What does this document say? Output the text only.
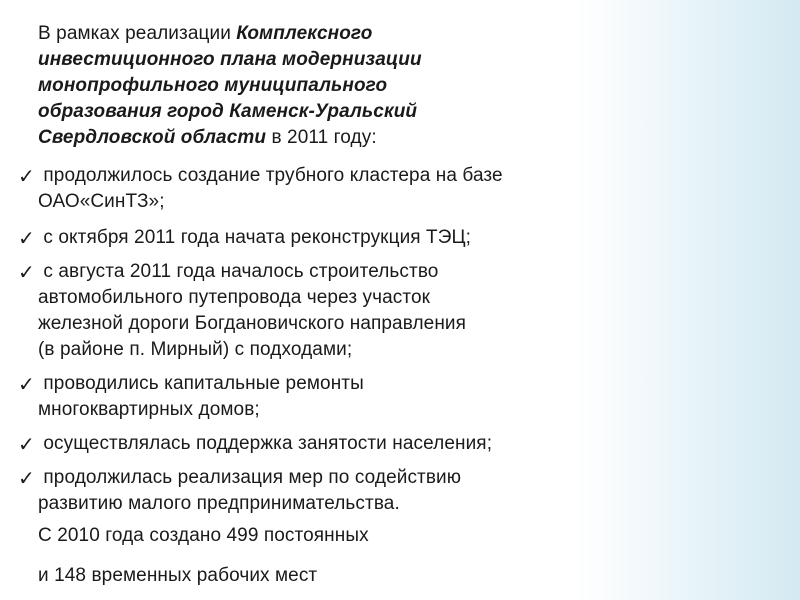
В рамках реализации Комплексного
инвестиционного плана модернизации
монопрофильного муниципального
образования город Каменск-Уральский
Свердловской области в 2011 году:
✓ продолжилось создание трубного кластера на базе
ОАО«СинТЗ»;
✓ с октября 2011 года начата реконструкция ТЭЦ;
✓ с августа 2011 года началось строительство
автомобильного путепровода через участок
железной дороги Богдановичского направления
(в районе п. Мирный) с подходами;
✓ проводились капитальные ремонты
многоквартирных домов;
✓ осуществлялась поддержка занятости населения;
✓ продолжилась реализация мер по содействию
развитию малого предпринимательства.
С 2010 года создано 499 постоянных
и 148 временных рабочих мест
